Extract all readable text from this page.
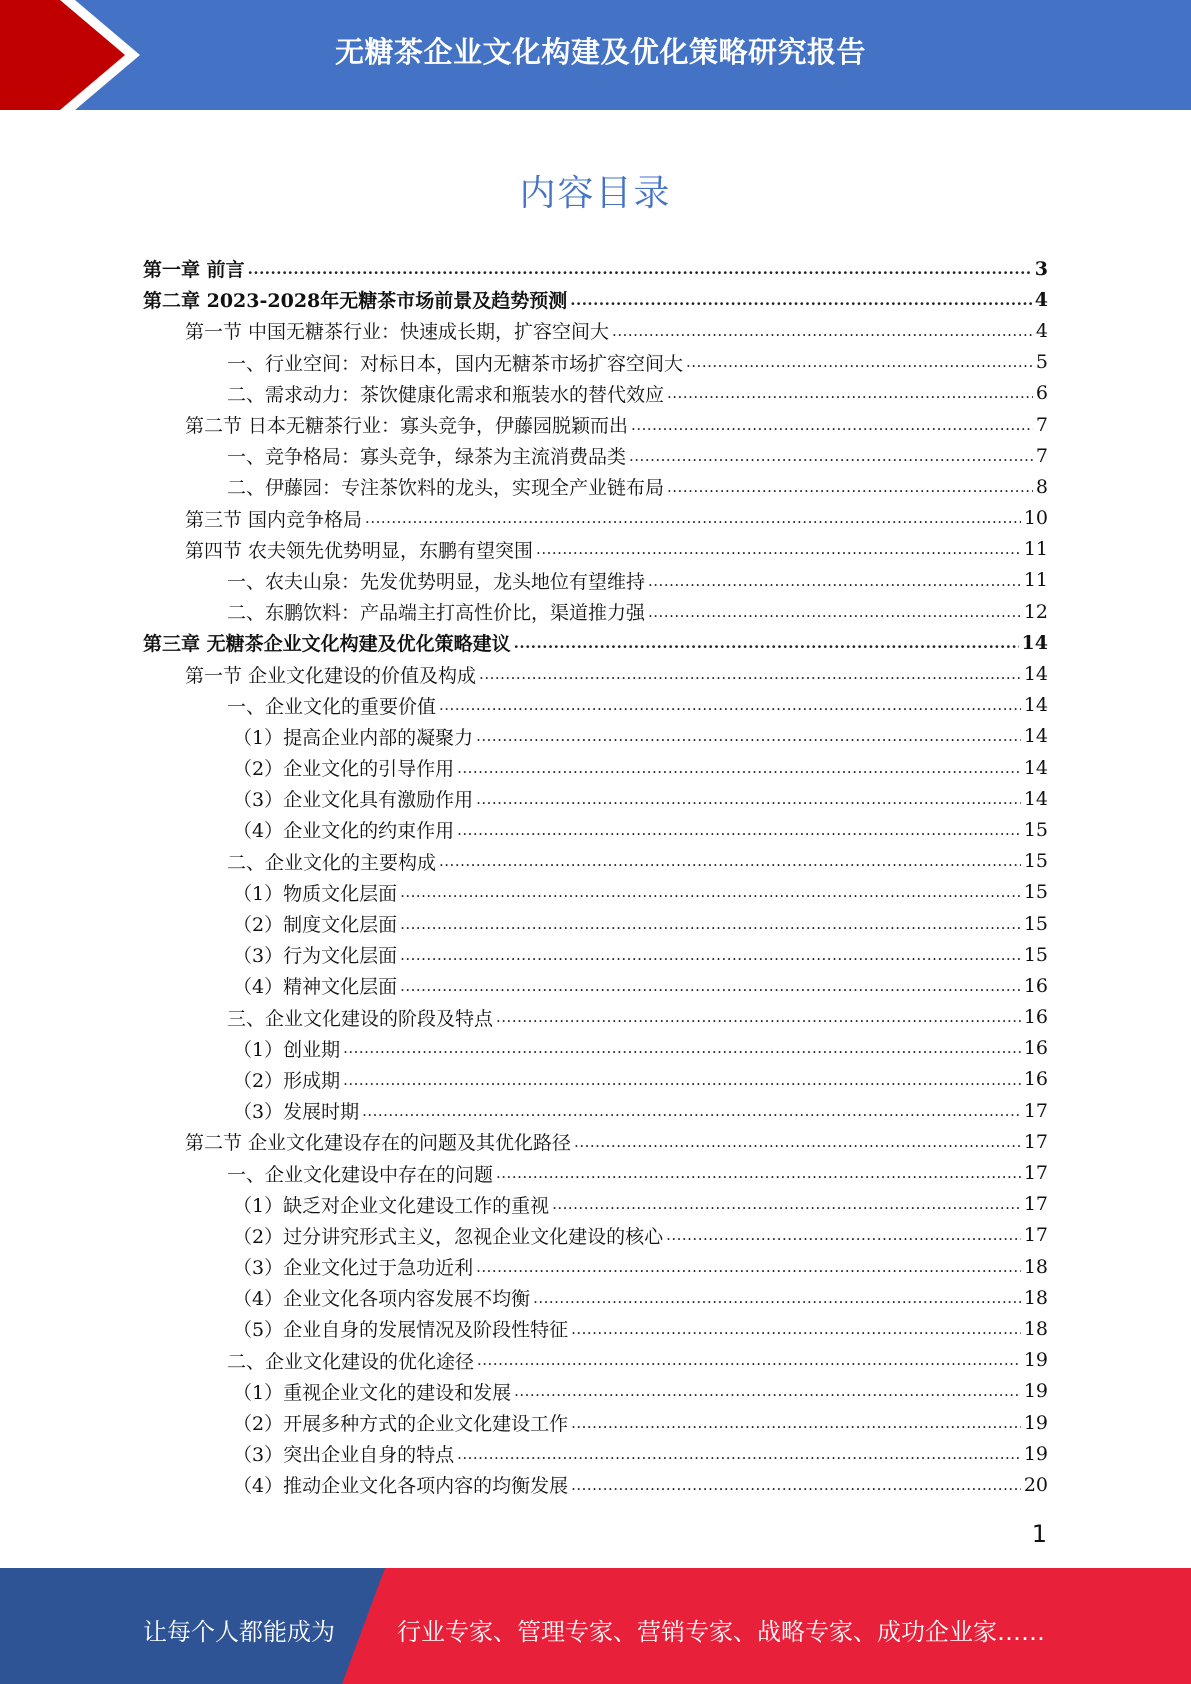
无糖茶企业文化构建及优化策略研究报告
内容目录
第一章 前言 .....	3
第二章 2023-2028年无糖茶市场前景及趋势预测 .....	4
第一节 中国无糖茶行业：快速成长期，扩容空间大 .....	4
一、行业空间：对标日本，国内无糖茶市场扩容空间大 .....	5
二、需求动力：茶饮健康化需求和瓶装水的替代效应 .....	6
第二节 日本无糖茶行业：寡头竞争，伊藤园脱颖而出 .....	7
一、竞争格局：寡头竞争，绿茶为主流消费品类 .....	7
二、伊藤园：专注茶饮料的龙头，实现全产业链布局 .....	8
第三节 国内竞争格局 .....	10
第四节 农夫领先优势明显，东鹏有望突围 .....	11
一、农夫山泉：先发优势明显，龙头地位有望维持 .....	11
二、东鹏饮料：产品端主打高性价比，渠道推力强 .....	12
第三章 无糖茶企业文化构建及优化策略建议 .....	14
第一节 企业文化建设的价值及构成 .....	14
一、企业文化的重要价值 .....	14
（1）提高企业内部的凝聚力 .....	14
（2）企业文化的引导作用 .....	14
（3）企业文化具有激励作用 .....	14
（4）企业文化的约束作用 .....	15
二、企业文化的主要构成 .....	15
（1）物质文化层面 .....	15
（2）制度文化层面 .....	15
（3）行为文化层面 .....	15
（4）精神文化层面 .....	16
三、企业文化建设的阶段及特点 .....	16
（1）创业期 .....	16
（2）形成期 .....	16
（3）发展时期 .....	17
第二节 企业文化建设存在的问题及其优化路径 .....	17
一、企业文化建设中存在的问题 .....	17
（1）缺乏对企业文化建设工作的重视 .....	17
（2）过分讲究形式主义，忽视企业文化建设的核心 .....	17
（3）企业文化过于急功近利 .....	18
（4）企业文化各项内容发展不均衡 .....	18
（5）企业自身的发展情况及阶段性特征 .....	18
二、企业文化建设的优化途径 .....	19
（1）重视企业文化的建设和发展 .....	19
（2）开展多种方式的企业文化建设工作 .....	19
（3）突出企业自身的特点 .....	19
（4）推动企业文化各项内容的均衡发展 .....	20
1
让每个人都能成为	行业专家、管理专家、营销专家、战略专家、成功企业家……
